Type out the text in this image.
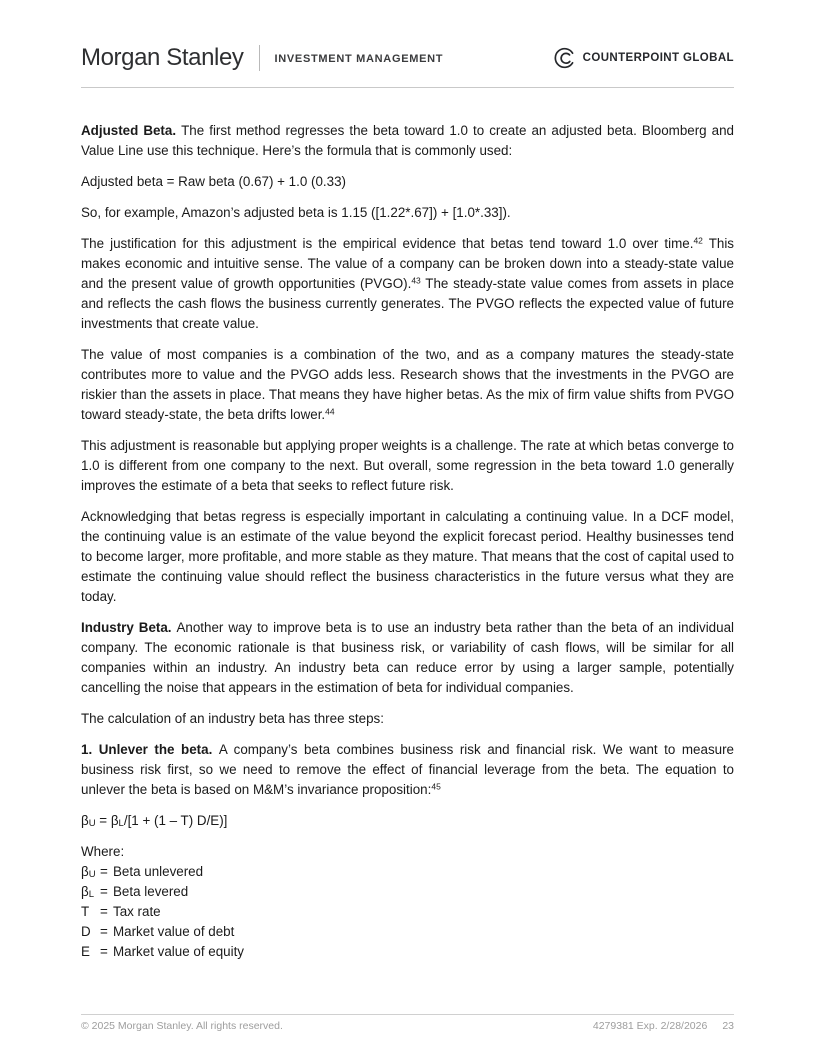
Morgan Stanley	INVESTMENT MANAGEMENT	COUNTERPOINT GLOBAL

Adjusted Beta. The first method regresses the beta toward 1.0 to create an adjusted beta. Bloomberg and Value Line use this technique. Here’s the formula that is commonly used:

Adjusted beta = Raw beta (0.67) + 1.0 (0.33)

So, for example, Amazon’s adjusted beta is 1.15 ([1.22*.67]) + [1.0*.33]).

The justification for this adjustment is the empirical evidence that betas tend toward 1.0 over time.$^{42}$ This makes economic and intuitive sense. The value of a company can be broken down into a steady-state value and the present value of growth opportunities (PVGO).$^{43}$ The steady-state value comes from assets in place and reflects the cash flows the business currently generates. The PVGO reflects the expected value of future investments that create value.

The value of most companies is a combination of the two, and as a company matures the steady-state contributes more to value and the PVGO adds less. Research shows that the investments in the PVGO are riskier than the assets in place. That means they have higher betas. As the mix of firm value shifts from PVGO toward steady-state, the beta drifts lower.$^{44}$

This adjustment is reasonable but applying proper weights is a challenge. The rate at which betas converge to 1.0 is different from one company to the next. But overall, some regression in the beta toward 1.0 generally improves the estimate of a beta that seeks to reflect future risk.

Acknowledging that betas regress is especially important in calculating a continuing value. In a DCF model, the continuing value is an estimate of the value beyond the explicit forecast period. Healthy businesses tend to become larger, more profitable, and more stable as they mature. That means that the cost of capital used to estimate the continuing value should reflect the business characteristics in the future versus what they are today.

Industry Beta. Another way to improve beta is to use an industry beta rather than the beta of an individual company. The economic rationale is that business risk, or variability of cash flows, will be similar for all companies within an industry. An industry beta can reduce error by using a larger sample, potentially cancelling the noise that appears in the estimation of beta for individual companies.

The calculation of an industry beta has three steps:

1. Unlever the beta. A company’s beta combines business risk and financial risk. We want to measure business risk first, so we need to remove the effect of financial leverage from the beta. The equation to unlever the beta is based on M&M’s invariance proposition:$^{45}$

$\beta_U = \beta_L/[1 + (1 - T)$ D/E)]

Where:

$\beta_U$ = Beta unlevered
$\beta_L$ = Beta levered
T = Tax rate
D = Market value of debt
E = Market value of equity
© 2025 Morgan Stanley. All rights reserved.	4279381 Exp. 2/28/2026 23
